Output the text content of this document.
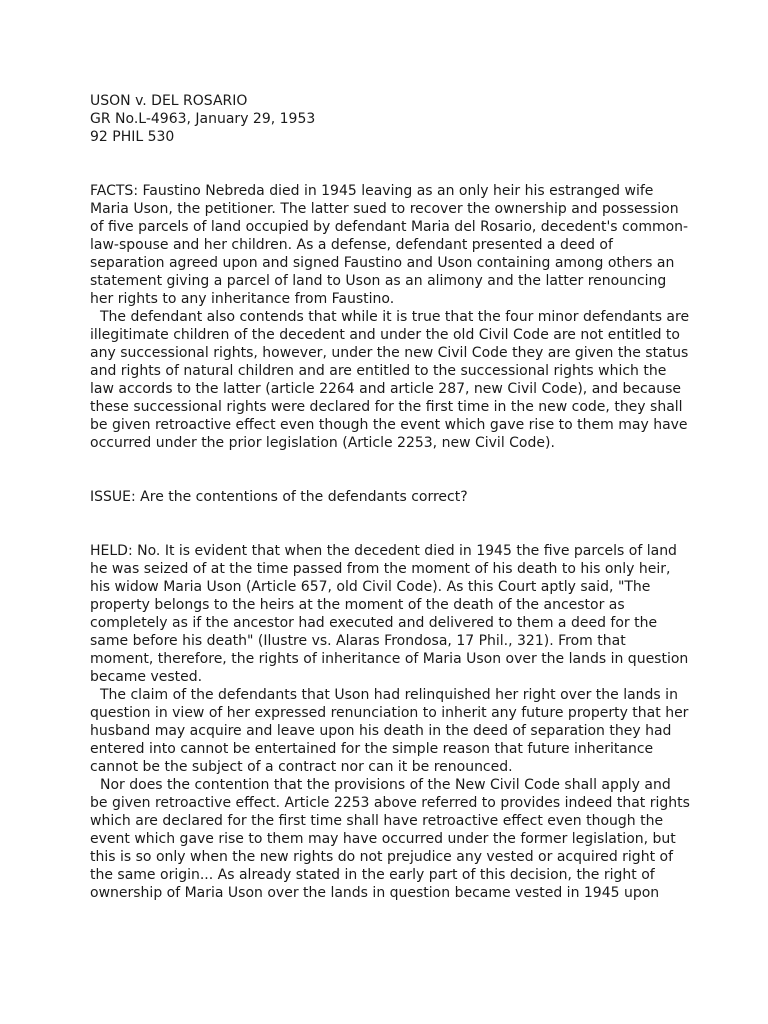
USON v. DEL ROSARIO
GR No.L-4963, January 29, 1953
92 PHIL 530

FACTS: Faustino Nebreda died in 1945 leaving as an only heir his estranged wife Maria Uson, the petitioner. The latter sued to recover the ownership and possession of five parcels of land occupied by defendant Maria del Rosario, decedent's common-law-spouse and her children. As a defense, defendant presented a deed of separation agreed upon and signed Faustino and Uson containing among others an statement giving a parcel of land to Uson as an alimony and the latter renouncing her rights to any inheritance from Faustino.

The defendant also contends that while it is true that the four minor defendants are illegitimate children of the decedent and under the old Civil Code are not entitled to any successional rights, however, under the new Civil Code they are given the status and rights of natural children and are entitled to the successional rights which the law accords to the latter (article 2264 and article 287, new Civil Code), and because these successional rights were declared for the first time in the new code, they shall be given retroactive effect even though the event which gave rise to them may have occurred under the prior legislation (Article 2253, new Civil Code).

ISSUE: Are the contentions of the defendants correct?

HELD: No. It is evident that when the decedent died in 1945 the five parcels of land he was seized of at the time passed from the moment of his death to his only heir, his widow Maria Uson (Article 657, old Civil Code). As this Court aptly said, "The property belongs to the heirs at the moment of the death of the ancestor as completely as if the ancestor had executed and delivered to them a deed for the same before his death" (Ilustre vs. Alaras Frondosa, 17 Phil., 321). From that moment, therefore, the rights of inheritance of Maria Uson over the lands in question became vested.

The claim of the defendants that Uson had relinquished her right over the lands in question in view of her expressed renunciation to inherit any future property that her husband may acquire and leave upon his death in the deed of separation they had entered into cannot be entertained for the simple reason that future inheritance cannot be the subject of a contract nor can it be renounced.

Nor does the contention that the provisions of the New Civil Code shall apply and be given retroactive effect. Article 2253 above referred to provides indeed that rights which are declared for the first time shall have retroactive effect even though the event which gave rise to them may have occurred under the former legislation, but this is so only when the new rights do not prejudice any vested or acquired right of the same origin... As already stated in the early part of this decision, the right of ownership of Maria Uson over the lands in question became vested in 1945 upon
